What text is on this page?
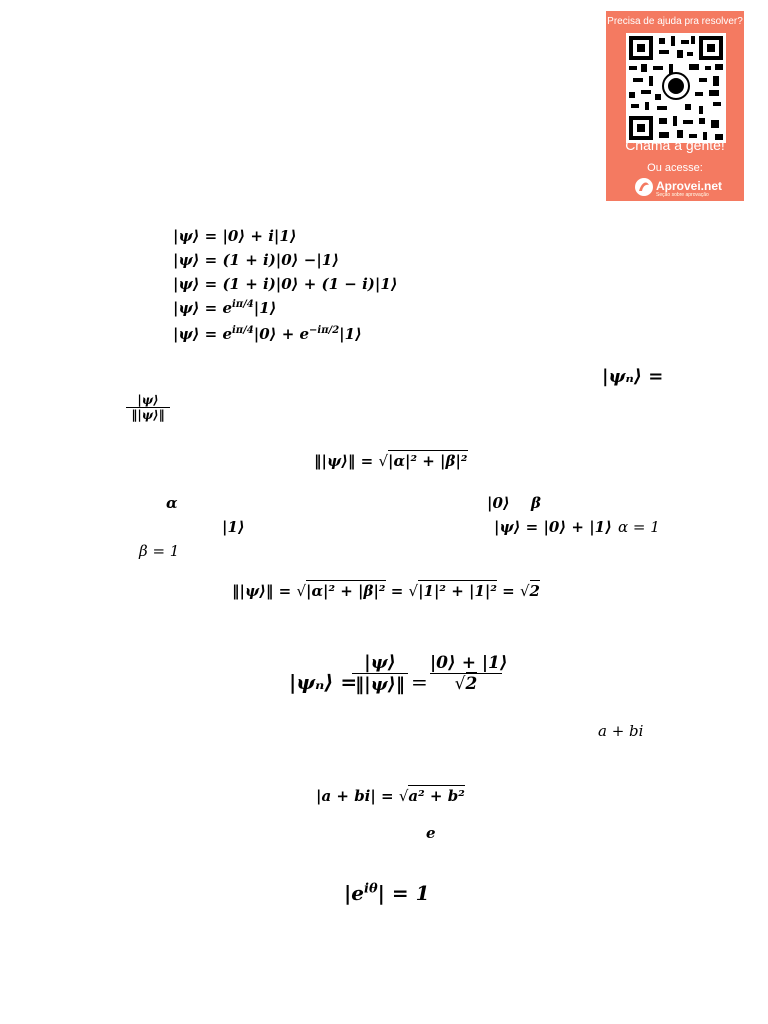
Precisa de ajuda pra resolver?
Chama a gente!
Ou acesse:
Aprovei.net
Seção sobre aprovação
|ψ⟩ = |0⟩ + i|1⟩
|ψ⟩ = (1 + i)|0⟩ −|1⟩
|ψ⟩ = (1 + i)|0⟩ + (1 − i)|1⟩
|ψ⟩ = $e^{i\pi/4}|1⟩$
|ψ⟩ = $e^{i\pi/4}|0⟩$ + $e^{-i\pi/2}|1⟩$
|ψₙ⟩ =
|ψ⟩
‖|ψ⟩‖
‖|ψ⟩‖ = √|α|² + |β|²
α	|0⟩ β
|1⟩	|ψ⟩ = |0⟩ + |1⟩ α = 1
β = 1
‖|ψ⟩‖ = √|α|² + |β|² = √|1|² + |1|² = √2
|ψₙ⟩ =
|ψ⟩
‖|ψ⟩‖ =
|0⟩ + |1⟩
√2
a + bi
|a + bi| = √a² + b²
e
$|e^{i\theta}| = 1$
